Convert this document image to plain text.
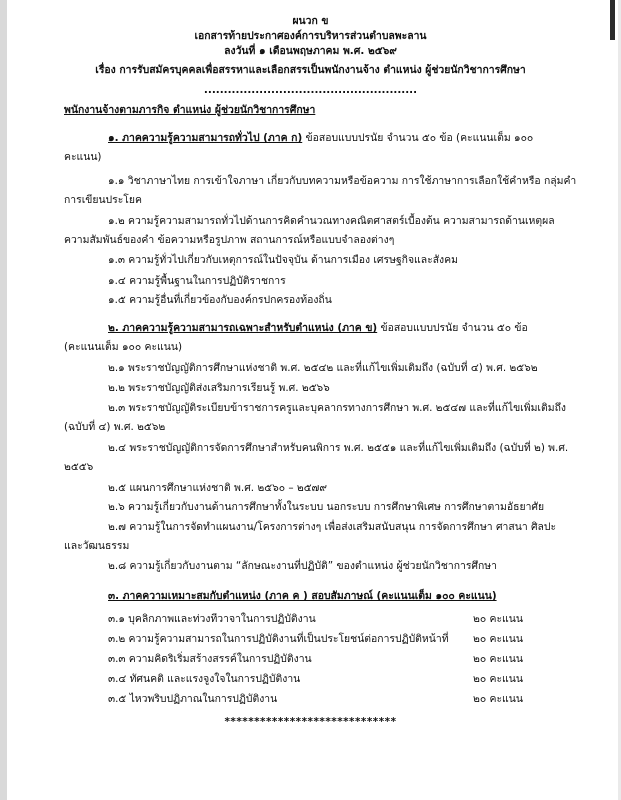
ผนวก ข
เอกสารท้ายประกาศองค์การบริหารส่วนตำบลพะลาน
ลงวันที่ ๑ เดือนพฤษภาคม พ.ศ. ๒๕๖๙
เรื่อง การรับสมัครบุคคลเพื่อสรรหาและเลือกสรรเป็นพนักงานจ้าง ตำแหน่ง ผู้ช่วยนักวิชาการศึกษา
......................................................
พนักงานจ้างตามภารกิจ ตำแหน่ง ผู้ช่วยนักวิชาการศึกษา
๑. ภาคความรู้ความสามารถทั่วไป (ภาค ก) ข้อสอบแบบปรนัย จำนวน ๕๐ ข้อ (คะแนนเต็ม ๑๐๐
คะแนน)
๑.๑ วิชาภาษาไทย การเข้าใจภาษา เกี่ยวกับบทความหรือข้อความ การใช้ภาษาการเลือกใช้คำหรือ กลุ่มคำ
การเขียนประโยค
๑.๒ ความรู้ความสามารถทั่วไปด้านการคิดคำนวณทางคณิตศาสตร์เบื้องต้น ความสามารถด้านเหตุผล
ความสัมพันธ์ของคำ ข้อความหรือรูปภาพ สถานการณ์หรือแบบจำลองต่างๆ
๑.๓ ความรู้ทั่วไปเกี่ยวกับเหตุการณ์ในปัจจุบัน ด้านการเมือง เศรษฐกิจและสังคม
๑.๔ ความรู้พื้นฐานในการปฏิบัติราชการ
๑.๕ ความรู้อื่นที่เกี่ยวข้องกับองค์กรปกครองท้องถิ่น
๒. ภาคความรู้ความสามารถเฉพาะสำหรับตำแหน่ง (ภาค ข) ข้อสอบแบบปรนัย จำนวน ๕๐ ข้อ
(คะแนนเต็ม ๑๐๐ คะแนน)
๒.๑ พระราชบัญญัติการศึกษาแห่งชาติ พ.ศ. ๒๕๔๒ และที่แก้ไขเพิ่มเติมถึง (ฉบับที่ ๔) พ.ศ. ๒๕๖๒
๒.๒ พระราชบัญญัติส่งเสริมการเรียนรู้ พ.ศ. ๒๕๖๖
๒.๓ พระราชบัญญัติระเบียบข้าราชการครูและบุคลากรทางการศึกษา พ.ศ. ๒๕๔๗ และที่แก้ไขเพิ่มเติมถึง
(ฉบับที่ ๔) พ.ศ. ๒๕๖๒
๒.๔ พระราชบัญญัติการจัดการศึกษาสำหรับคนพิการ พ.ศ. ๒๕๕๑ และที่แก้ไขเพิ่มเติมถึง (ฉบับที่ ๒) พ.ศ.
๒๕๕๖
๒.๕ แผนการศึกษาแห่งชาติ พ.ศ. ๒๕๖๐ – ๒๕๗๙
๒.๖ ความรู้เกี่ยวกับงานด้านการศึกษาทั้งในระบบ นอกระบบ การศึกษาพิเศษ การศึกษาตามอัธยาศัย
๒.๗ ความรู้ในการจัดทำแผนงาน/โครงการต่างๆ เพื่อส่งเสริมสนับสนุน การจัดการศึกษา ศาสนา ศิลปะ
และวัฒนธรรม
๒.๘ ความรู้เกี่ยวกับงานตาม “ลักษณะงานที่ปฏิบัติ” ของตำแหน่ง ผู้ช่วยนักวิชาการศึกษา
๓. ภาคความเหมาะสมกับตำแหน่ง (ภาค ค ) สอบสัมภาษณ์ (คะแนนเต็ม ๑๐๐ คะแนน)
๓.๑ บุคลิกภาพและท่วงทีวาจาในการปฏิบัติงาน	๒๐ คะแนน
๓.๒ ความรู้ความสามารถในการปฏิบัติงานที่เป็นประโยชน์ต่อการปฏิบัติหน้าที่ ๒๐ คะแนน
๓.๓ ความคิดริเริ่มสร้างสรรค์ในการปฏิบัติงาน	๒๐ คะแนน
๓.๔ ทัศนคติ และแรงจูงใจในการปฏิบัติงาน	๒๐ คะแนน
๓.๕ ไหวพริบปฏิภาณในการปฏิบัติงาน	๒๐ คะแนน
*****************************
